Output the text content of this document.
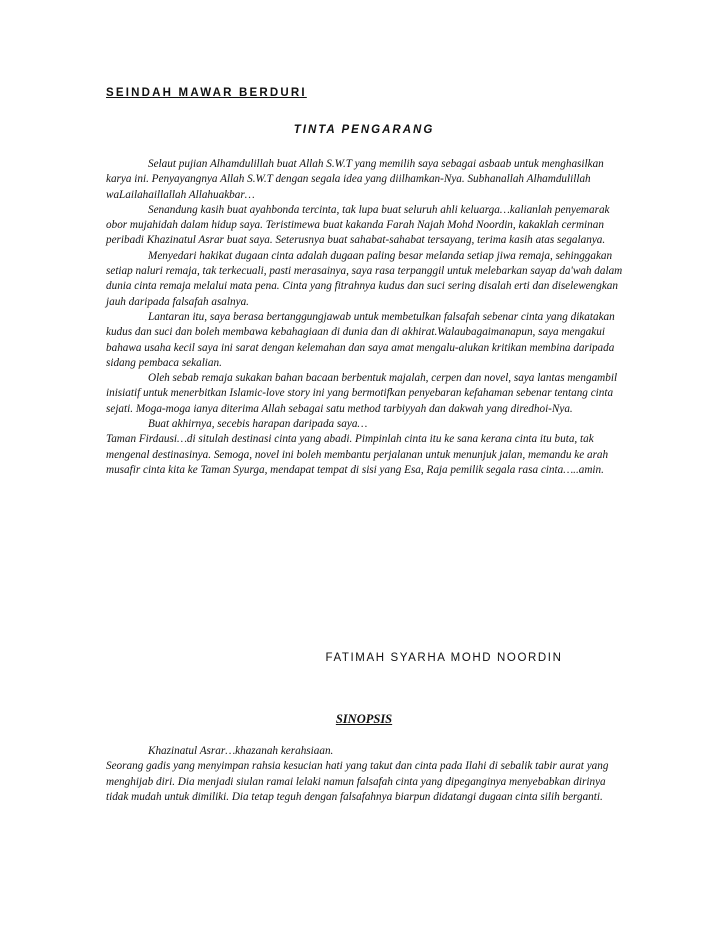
SEINDAH MAWAR BERDURI
TINTA PENGARANG

Selaut pujian Alhamdulillah buat Allah S.W.T yang memilih saya sebagai asbaab untuk menghasilkan karya ini. Penyayangnya Allah S.W.T dengan segala idea yang diilhamkan-Nya. Subhanallah Alhamdulillah waLailahaillallah Allahuakbar…

Senandung kasih buat ayahbonda tercinta, tak lupa buat seluruh ahli keluarga…kalianlah penyemarak obor mujahidah dalam hidup saya. Teristimewa buat kakanda Farah Najah Mohd Noordin, kakaklah cerminan peribadi Khazinatul Asrar buat saya. Seterusnya buat sahabat-sahabat tersayang, terima kasih atas segalanya.

Menyedari hakikat dugaan cinta adalah dugaan paling besar melanda setiap jiwa remaja, sehinggakan setiap naluri remaja, tak terkecuali, pasti merasainya, saya rasa terpanggil untuk melebarkan sayap da'wah dalam dunia cinta remaja melalui mata pena. Cinta yang fitrahnya kudus dan suci sering disalah erti dan diselewengkan jauh daripada falsafah asalnya.

Lantaran itu, saya berasa bertanggungjawab untuk membetulkan falsafah sebenar cinta yang dikatakan kudus dan suci dan boleh membawa kebahagiaan di dunia dan di akhirat.Walaubagaimanapun, saya mengakui bahawa usaha kecil saya ini sarat dengan kelemahan dan saya amat mengalu-alukan kritikan membina daripada sidang pembaca sekalian.

Oleh sebab remaja sukakan bahan bacaan berbentuk majalah, cerpen dan novel, saya lantas mengambil inisiatif untuk menerbitkan Islamic-love story ini yang bermotifkan penyebaran kefahaman sebenar tentang cinta sejati. Moga-moga ianya diterima Allah sebagai satu method tarbiyyah dan dakwah yang diredhoi-Nya.

Buat akhirnya, secebis harapan daripada saya…

Taman Firdausi…di situlah destinasi cinta yang abadi. Pimpinlah cinta itu ke sana kerana cinta itu buta, tak mengenal destinasinya. Semoga, novel ini boleh membantu perjalanan untuk menunjuk jalan, memandu ke arah musafir cinta kita ke Taman Syurga, mendapat tempat di sisi yang Esa, Raja pemilik segala rasa cinta…..amin.

FATIMAH SYARHA MOHD NOORDIN
SINOPSIS

Khazinatul Asrar…khazanah kerahsiaan.

Seorang gadis yang menyimpan rahsia kesucian hati yang takut dan cinta pada Ilahi di sebalik tabir aurat yang menghijab diri. Dia menjadi siulan ramai lelaki namun falsafah cinta yang dipeganginya menyebabkan dirinya tidak mudah untuk dimiliki. Dia tetap teguh dengan falsafahnya biarpun didatangi dugaan cinta silih berganti.
